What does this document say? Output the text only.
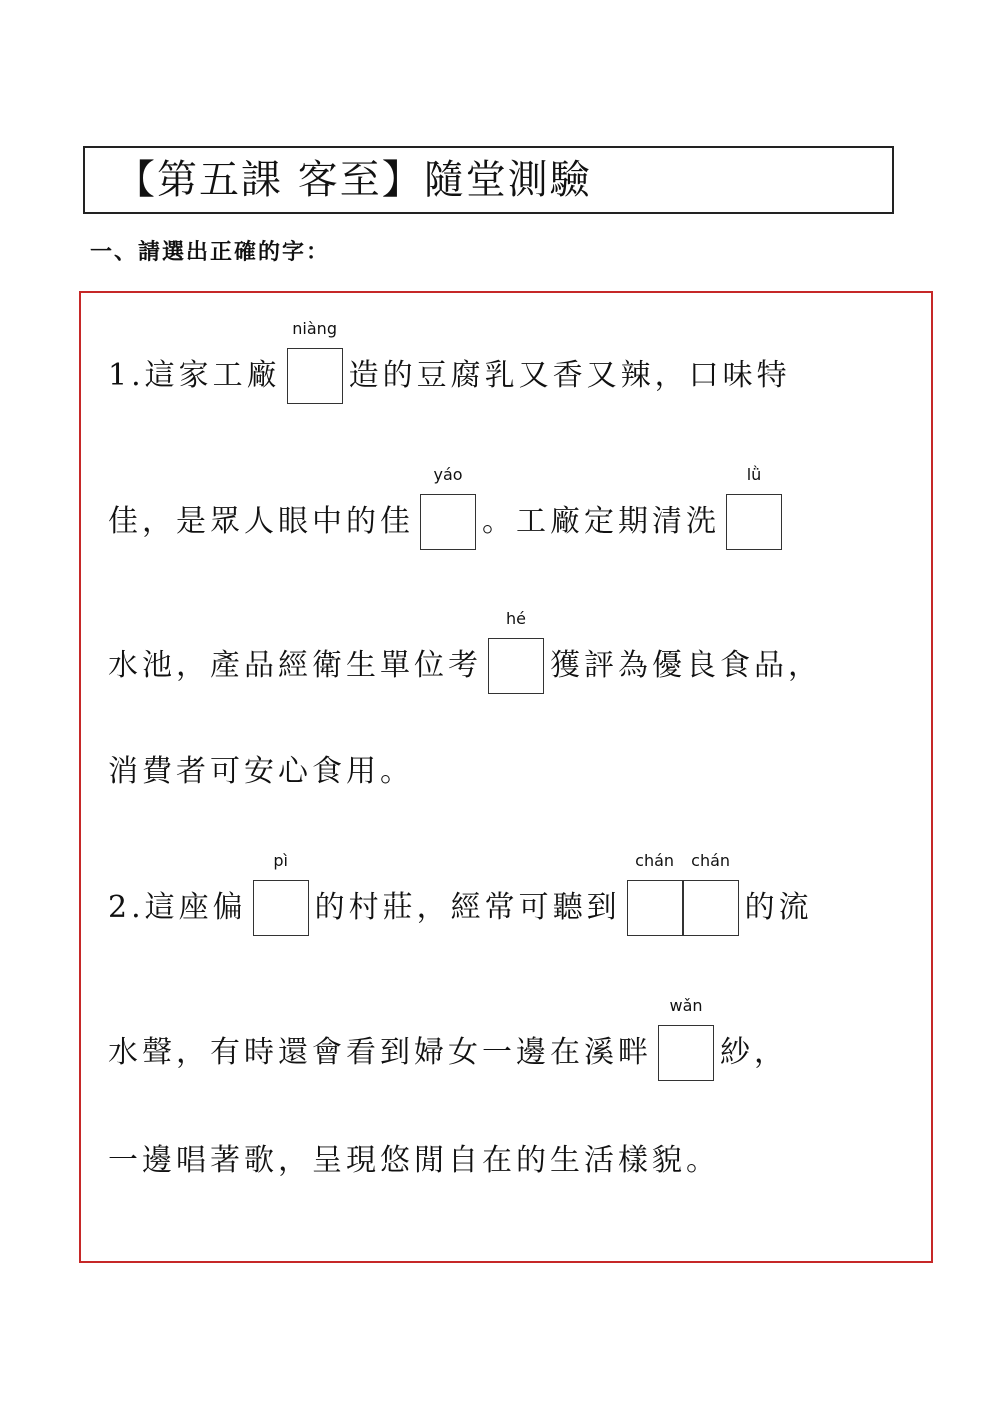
【第五課 客至】隨堂測驗
一、請選出正確的字：
1.這家工廠
niàng
造的豆腐乳又香又辣，口味特
佳，是眾人眼中的佳
yáo
。工廠定期清洗
lǜ
水池，產品經衛生單位考
hé
獲評為優良食品，
消費者可安心食用。
2.這座偏
pì
的村莊，經常可聽到
chán	chán
的流
水聲，有時還會看到婦女一邊在溪畔
wǎn
紗，
一邊唱著歌，呈現悠閒自在的生活樣貌。
